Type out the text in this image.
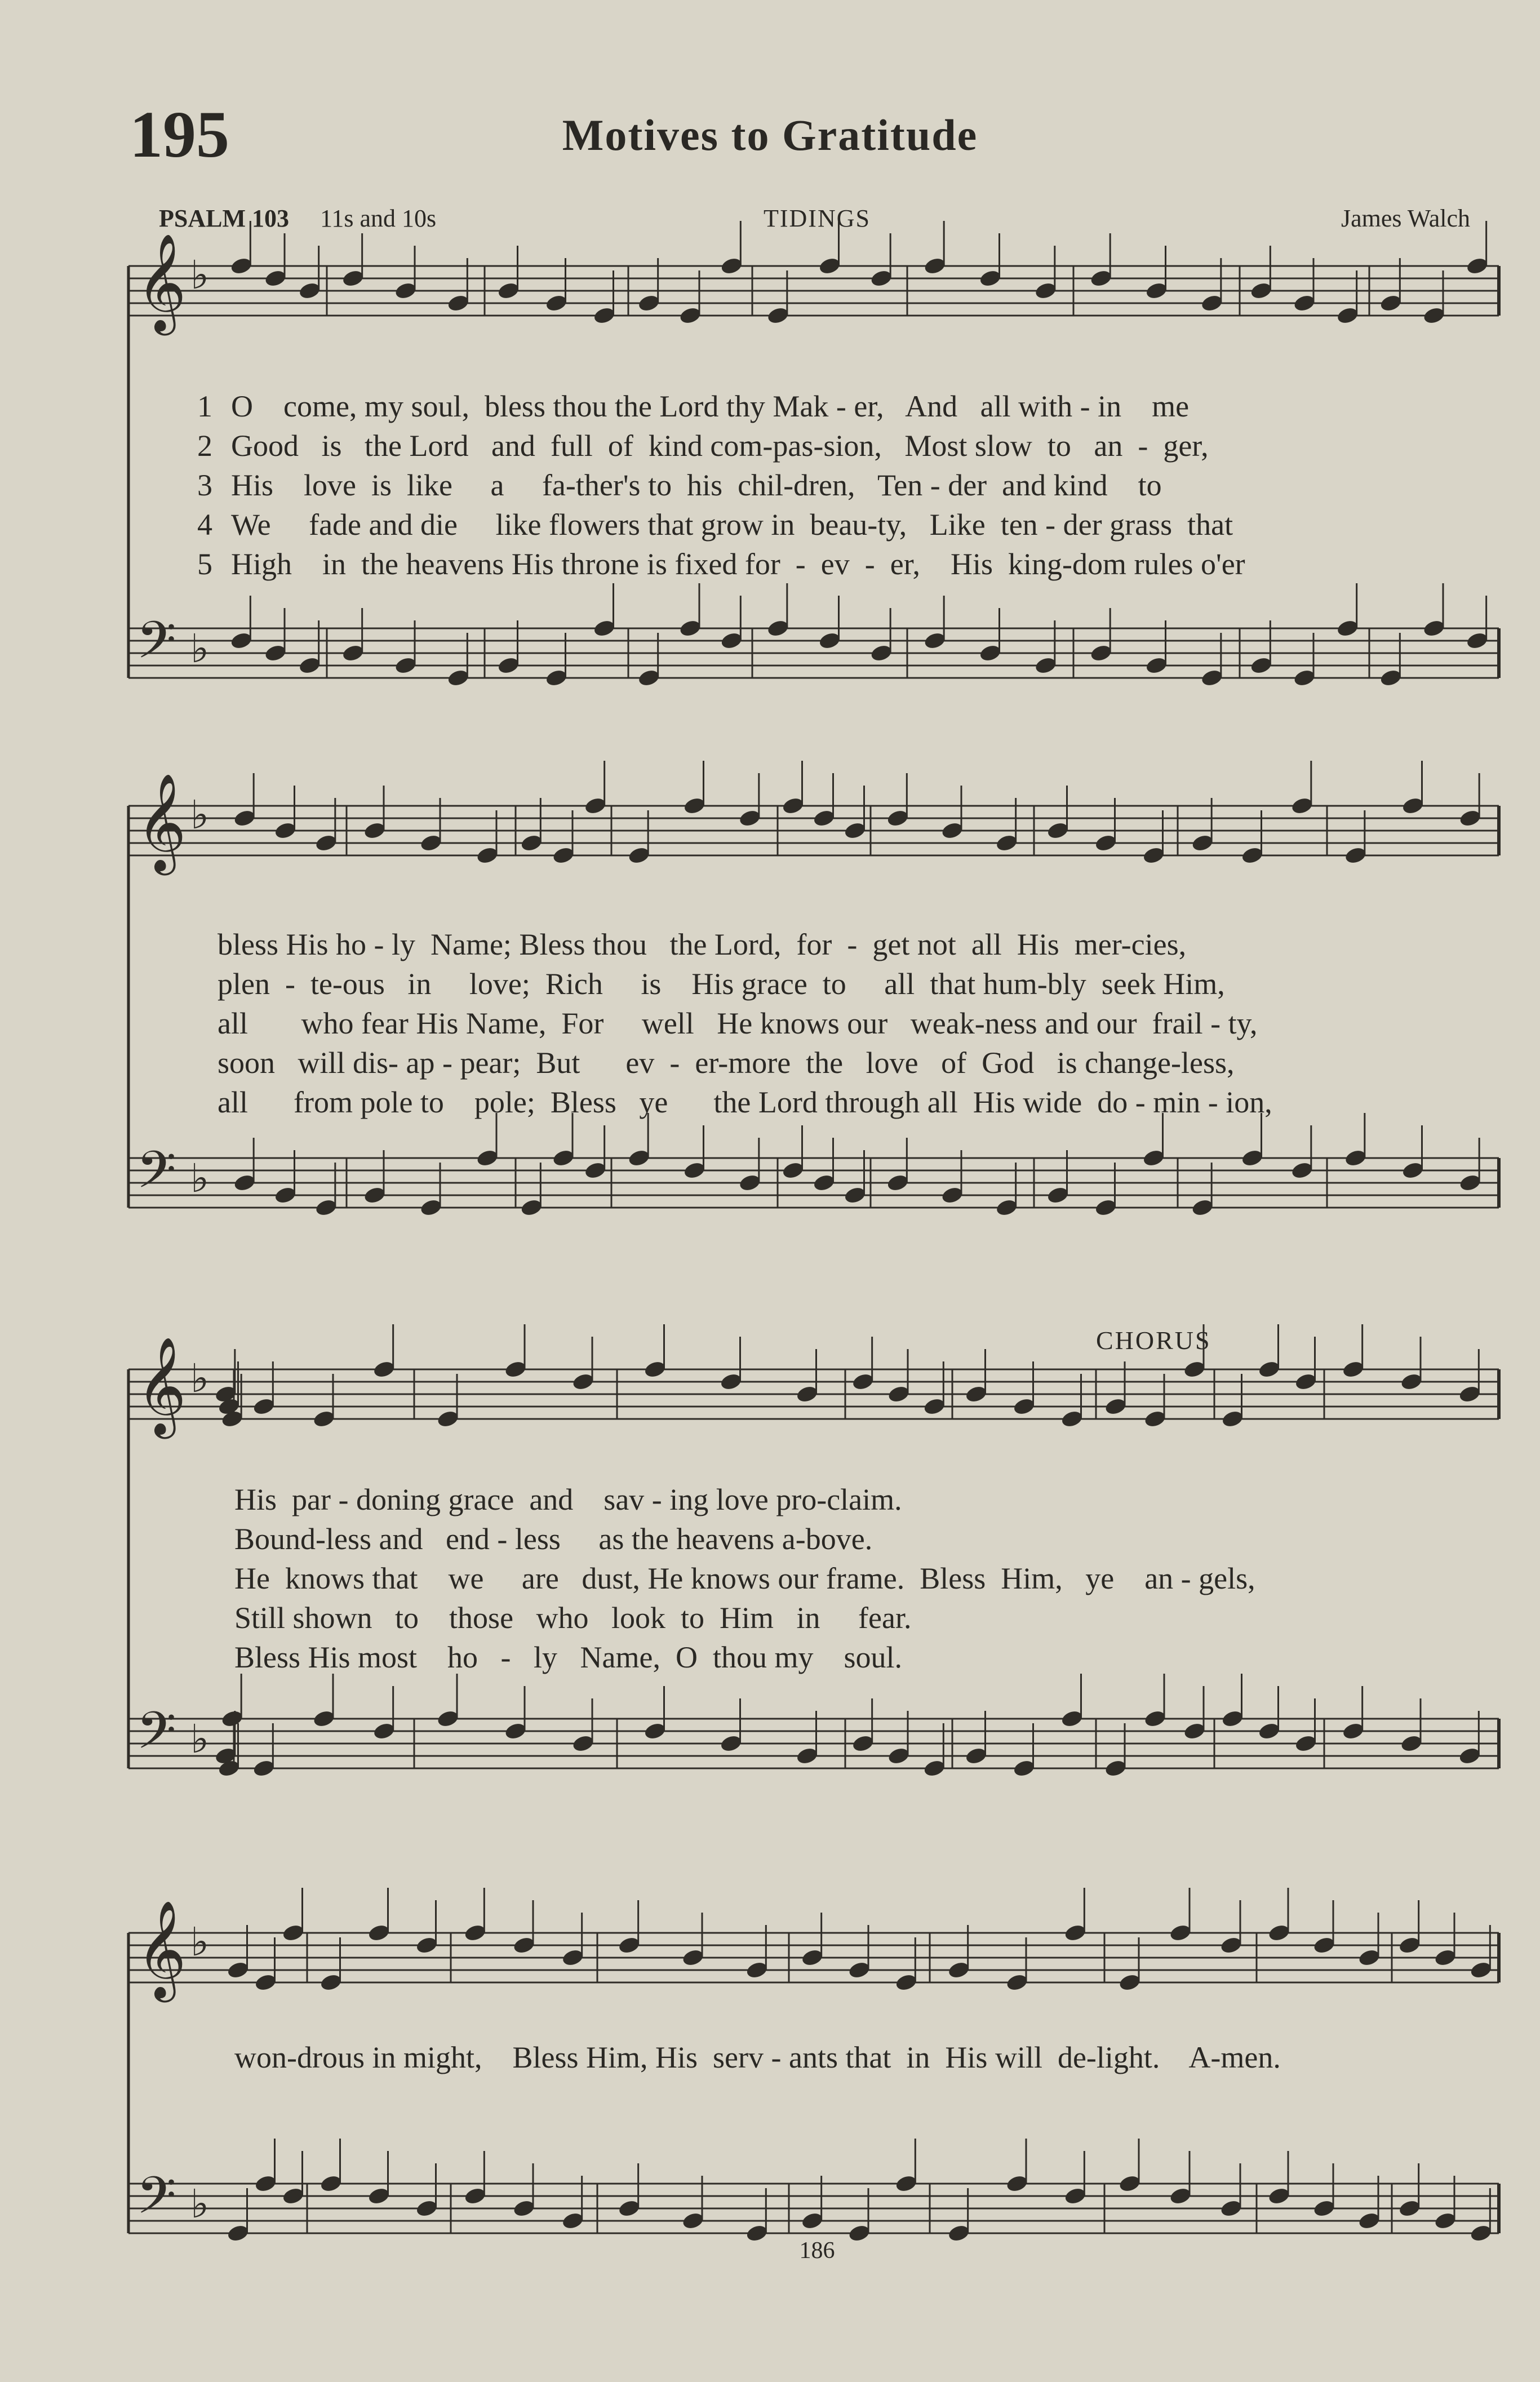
195	Motives to Gratitude
PSALM 103 11s and 10s	TIDINGS	James Walch
𝄞 ♭
𝄢 ♭
𝄞 ♭
𝄢 ♭
𝄞 ♭
𝄢 ♭
𝄞 ♭
𝄢 ♭
1 O    come, my soul,  bless thou the Lord thy Mak - er,   And   all with - in    me
2 Good   is   the Lord   and  full  of  kind com-pas-sion,   Most slow  to   an  -  ger,
3 His    love  is  like     a     fa-ther's to  his  chil-dren,   Ten - der  and kind    to
4 We     fade and die     like flowers that grow in  beau-ty,   Like  ten - der grass  that
5 High    in  the heavens His throne is fixed for  -  ev  -  er,    His  king-dom rules o'er
bless His ho - ly  Name; Bless thou   the Lord,  for  -  get not  all  His  mer-cies,
plen  -  te-ous   in     love;  Rich     is    His grace  to     all  that hum-bly  seek Him,
all       who fear His Name,  For     well   He knows our   weak-ness and our  frail - ty,
soon   will dis- ap - pear;  But      ev  -  er-more  the   love   of  God   is change-less,
all      from pole to    pole;  Bless   ye      the Lord through all  His wide  do - min - ion,
CHORUS
His  par - doning grace  and    sav - ing love pro-claim.
Bound-less and   end - less     as the heavens a-bove.
He  knows that    we     are   dust, He knows our frame.  Bless  Him,   ye    an - gels,
Still shown   to    those   who   look  to  Him   in     fear.
Bless His most    ho   -   ly   Name,  O  thou my    soul.
won-drous in might,    Bless Him, His  serv - ants that  in  His will  de-light.    A-men.
186
